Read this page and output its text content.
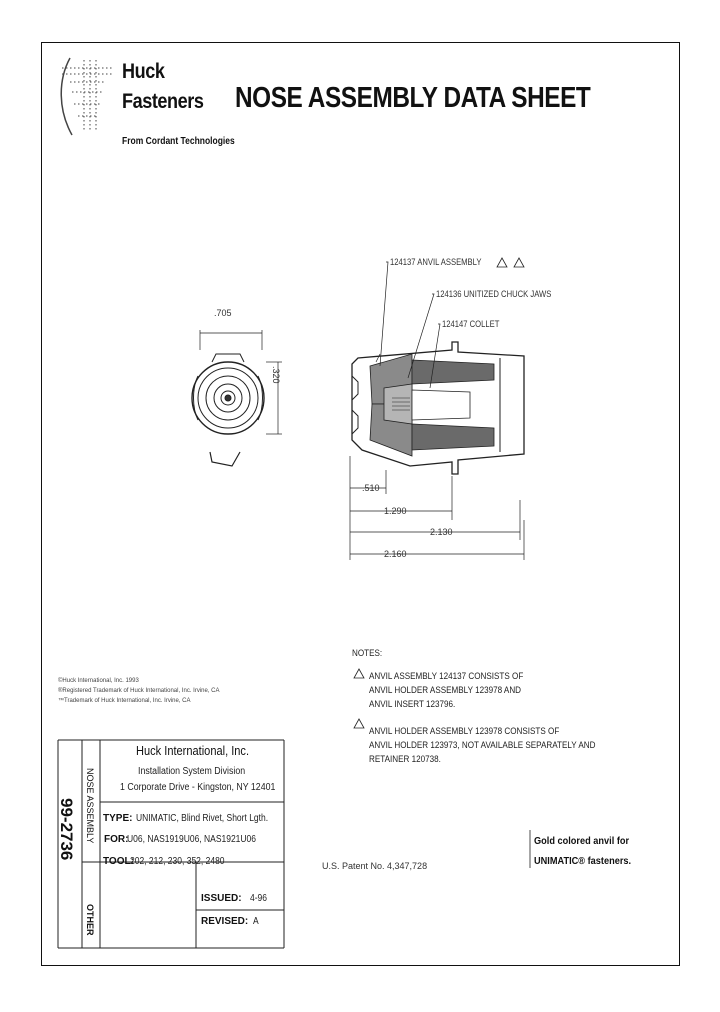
Huck
Fasteners
From Cordant Technologies
NOSE ASSEMBLY DATA SHEET
124137 ANVIL ASSEMBLY
124136 UNITIZED CHUCK JAWS
124147 COLLET
.705
.320
.510
1.290
2.130
2.160
NOTES:
ANVIL ASSEMBLY 124137 CONSISTS OF
ANVIL HOLDER ASSEMBLY 123978 AND
ANVIL INSERT 123796.
ANVIL HOLDER ASSEMBLY 123978 CONSISTS OF
ANVIL HOLDER 123973, NOT AVAILABLE SEPARATELY AND
RETAINER 120738.
©Huck International, Inc. 1993
®Registered Trademark of Huck International, Inc. Irvine, CA
™Trademark of Huck International, Inc. Irvine, CA
Huck International, Inc.
Installation System Division
1 Corporate Drive - Kingston, NY 12401
TYPE: UNIMATIC, Blind Rivet, Short Lgth.
FOR:
U06, NAS1919U06, NAS1921U06
TOOL:
202, 212, 230, 352, 2480
ISSUED: 4-96
REVISED: A
99-2736 NOSE ASSEMBLY
OTHER
U.S. Patent No. 4,347,728
Gold colored anvil for
UNIMATIC® fasteners.
